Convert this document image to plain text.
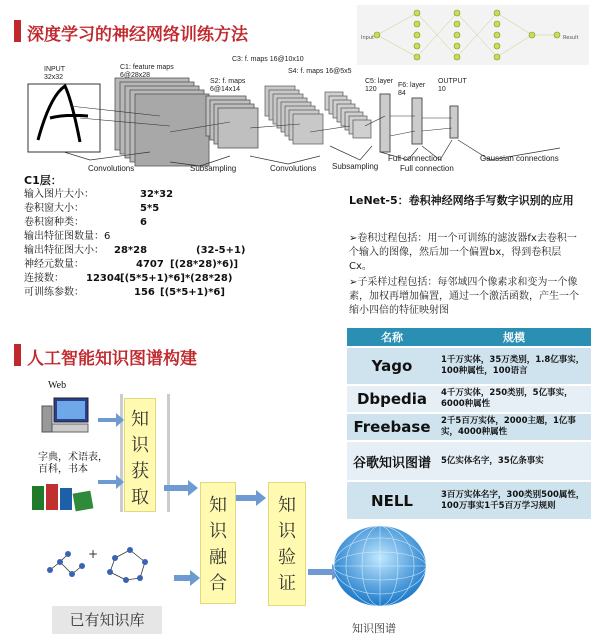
深度学习的神经网络训练方法	Input	Result
INPUT
32x32
C1: feature maps
6@28x28
S2: f. maps
6@14x14
C3: f. maps 16@10x10
S4: f. maps 16@5x5
C5: layer
120
F6: layer
84
OUTPUT
10
Convolutions	Subsampling	Convolutions Subsampling
Full connection
Full connection
Gaussian connections
C1层：
输入图片大小：	32*32
卷积窗大小：	5*5
卷积窗种类：	6
输出特征图数量：6
输出特征图大小： 28*28	(32-5+1)
神经元数量：	4707 [(28*28)*6)]
连接数： 12304 [(5*5+1)*6]*(28*28)
可训练参数：	156 [(5*5+1)*6]
LeNet-5：卷积神经网络手写数字识别的应用
➢卷积过程包括：用一个可训练的滤波器fx去卷积一个输入的图像，然后加一个偏置bx，得到卷积层Cx。
➢子采样过程包括：每邻域四个像素求和变为一个像素，加权再增加偏置，通过一个激活函数，产生一个缩小四倍的特征映射图
人工智能知识图谱构建
名称	规模
Yago	1千万实体，35万类别，1.8亿事实，100种属性，100语言
Dbpedia	4千万实体，250类别，5亿事实，6000种属性
Freebase	2千5百万实体，2000主题，1亿事实，4000种属性
谷歌知识图谱	5亿实体名字，35亿条事实
NELL	3百万实体名字，300类别500属性，100万事实1千5百万学习规则
Web
字典，术语表，百科，书本
知识获取	知识融合
知识验证
+
已有知识库	知识图谱
